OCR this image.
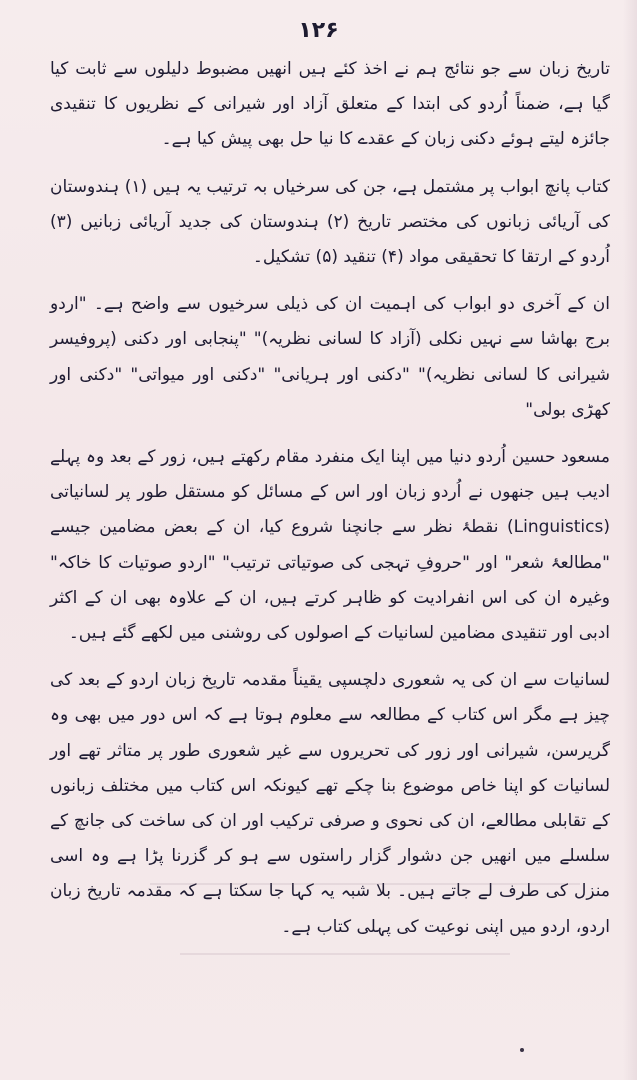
۱۲۶

تاریخ زبان سے جو نتائج ہم نے اخذ کئے ہیں انھیں مضبوط دلیلوں سے ثابت کیا گیا ہے، ضمناً اُردو کی ابتدا کے متعلق آزاد اور شیرانی کے نظریوں کا تنقیدی جائزہ لیتے ہوئے دکنی زبان کے عقدے کا نیا حل بھی پیش کیا ہے۔

کتاب پانچ ابواب پر مشتمل ہے، جن کی سرخیاں بہ ترتیب یہ ہیں (۱) ہندوستان کی آریائی زبانوں کی مختصر تاریخ (۲) ہندوستان کی جدید آریائی زبانیں (۳) اُردو کے ارتقا کا تحقیقی مواد (۴) تنقید (۵) تشکیل۔

ان کے آخری دو ابواب کی اہمیت ان کی ذیلی سرخیوں سے واضح ہے۔ "اردو برج بھاشا سے نہیں نکلی (آزاد کا لسانی نظریہ)" "پنجابی اور دکنی (پروفیسر شیرانی کا لسانی نظریہ)" "دکنی اور ہریانی" "دکنی اور میواتی" "دکنی اور کھڑی بولی"

مسعود حسین اُردو دنیا میں اپنا ایک منفرد مقام رکھتے ہیں، زور کے بعد وہ پہلے ادیب ہیں جنھوں نے اُردو زبان اور اس کے مسائل کو مستقل طور پر لسانیاتی (Linguistics) نقطۂ نظر سے جانچنا شروع کیا، ان کے بعض مضامین جیسے "مطالعۂ شعر" اور "حروفِ تہجی کی صوتیاتی ترتیب" "اردو صوتیات کا خاکہ" وغیرہ ان کی اس انفرادیت کو ظاہر کرتے ہیں، ان کے علاوہ بھی ان کے اکثر ادبی اور تنقیدی مضامین لسانیات کے اصولوں کی روشنی میں لکھے گئے ہیں۔

لسانیات سے ان کی یہ شعوری دلچسپی یقیناً مقدمہ تاریخ زبان اردو کے بعد کی چیز ہے مگر اس کتاب کے مطالعہ سے معلوم ہوتا ہے کہ اس دور میں بھی وہ گریرسن، شیرانی اور زور کی تحریروں سے غیر شعوری طور پر متاثر تھے اور لسانیات کو اپنا خاص موضوع بنا چکے تھے کیونکہ اس کتاب میں مختلف زبانوں کے تقابلی مطالعے، ان کی نحوی و صرفی ترکیب اور ان کی ساخت کی جانچ کے سلسلے میں انھیں جن دشوار گزار راستوں سے ہو کر گزرنا پڑا ہے وہ اسی منزل کی طرف لے جاتے ہیں۔ بلا شبہ یہ کہا جا سکتا ہے کہ مقدمہ تاریخ زبان اردو، اردو میں اپنی نوعیت کی پہلی کتاب ہے۔
